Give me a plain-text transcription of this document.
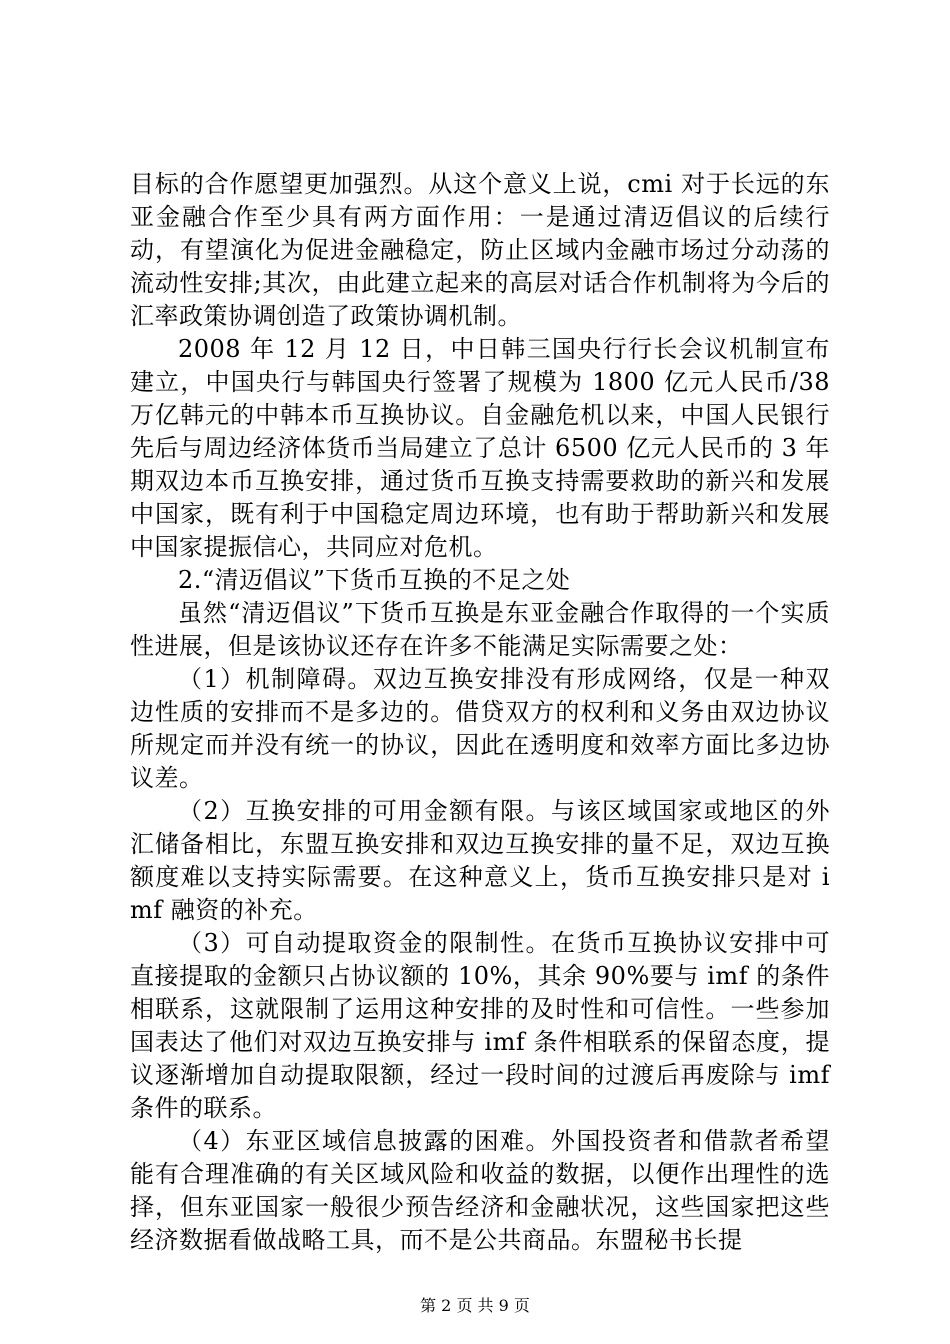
目标的合作愿望更加强烈。从这个意义上说，cmi 对于长远的东亚金融合作至少具有两方面作用：一是通过清迈倡议的后续行动，有望演化为促进金融稳定，防止区域内金融市场过分动荡的流动性安排;其次，由此建立起来的高层对话合作机制将为今后的汇率政策协调创造了政策协调机制。

2008 年 12 月 12 日，中日韩三国央行行长会议机制宣布建立，中国央行与韩国央行签署了规模为 1800 亿元人民币/38 万亿韩元的中韩本币互换协议。自金融危机以来，中国人民银行先后与周边经济体货币当局建立了总计 6500 亿元人民币的 3 年期双边本币互换安排，通过货币互换支持需要救助的新兴和发展中国家，既有利于中国稳定周边环境，也有助于帮助新兴和发展中国家提振信心，共同应对危机。

2.“清迈倡议”下货币互换的不足之处

虽然“清迈倡议”下货币互换是东亚金融合作取得的一个实质性进展，但是该协议还存在许多不能满足实际需要之处：

（1）机制障碍。双边互换安排没有形成网络，仅是一种双边性质的安排而不是多边的。借贷双方的权利和义务由双边协议所规定而并没有统一的协议，因此在透明度和效率方面比多边协议差。

（2）互换安排的可用金额有限。与该区域国家或地区的外汇储备相比，东盟互换安排和双边互换安排的量不足，双边互换额度难以支持实际需要。在这种意义上，货币互换安排只是对 imf 融资的补充。

（3）可自动提取资金的限制性。在货币互换协议安排中可直接提取的金额只占协议额的 10%，其余 90%要与 imf 的条件相联系，这就限制了运用这种安排的及时性和可信性。一些参加国表达了他们对双边互换安排与 imf 条件相联系的保留态度，提议逐渐增加自动提取限额，经过一段时间的过渡后再废除与 imf 条件的联系。

（4）东亚区域信息披露的困难。外国投资者和借款者希望能有合理准确的有关区域风险和收益的数据，以便作出理性的选择，但东亚国家一般很少预告经济和金融状况，这些国家把这些经济数据看做战略工具，而不是公共商品。东盟秘书长提

第 2 页 共 9 页
